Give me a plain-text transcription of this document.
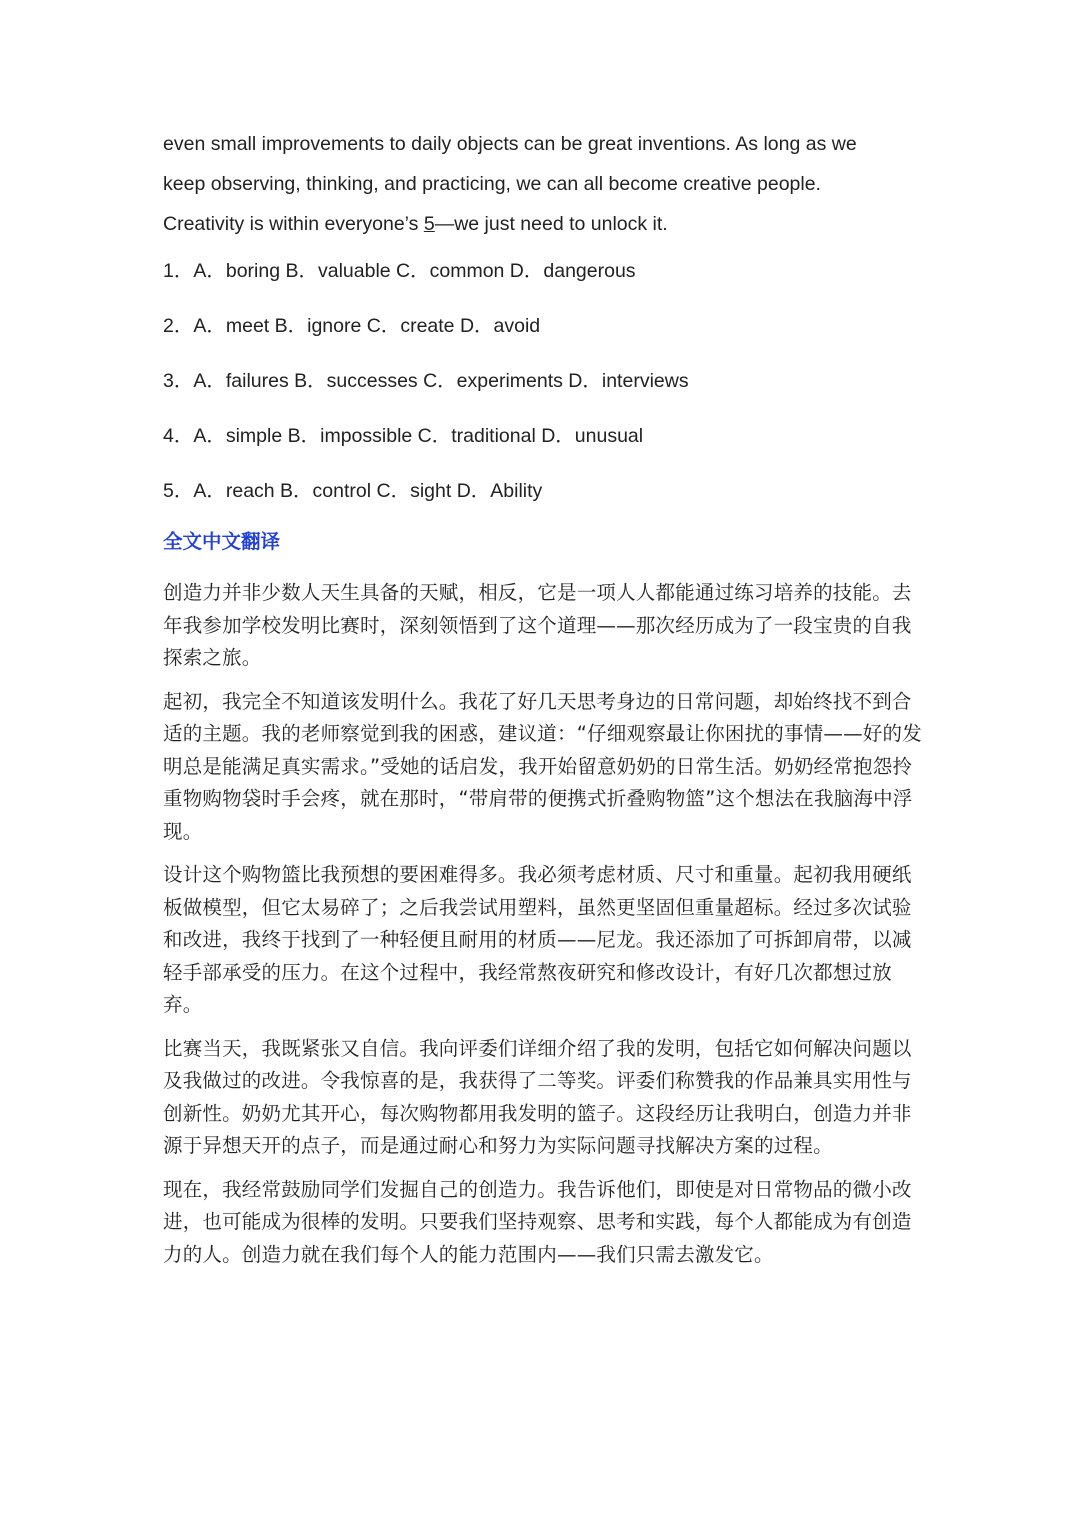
even small improvements to daily objects can be great inventions. As long as we
keep observing, thinking, and practicing, we can all become creative people.
Creativity is within everyone’s 5—we just need to unlock it.

1．A．boring B．valuable C．common D．dangerous
2．A．meet B．ignore C．create D．avoid
3．A．failures B．successes C．experiments D．interviews
4．A．simple B．impossible C．traditional D．unusual
5．A．reach B．control C．sight D．Ability
全文中文翻译

创造力并非少数人天生具备的天赋，相反，它是一项人人都能通过练习培养的技能。去年我参加学校发明比赛时，深刻领悟到了这个道理——那次经历成为了一段宝贵的自我探索之旅。

起初，我完全不知道该发明什么。我花了好几天思考身边的日常问题，却始终找不到合适的主题。我的老师察觉到我的困惑，建议道：“仔细观察最让你困扰的事情——好的发明总是能满足真实需求。”受她的话启发，我开始留意奶奶的日常生活。奶奶经常抱怨拎重物购物袋时手会疼，就在那时，“带肩带的便携式折叠购物篮”这个想法在我脑海中浮现。

设计这个购物篮比我预想的要困难得多。我必须考虑材质、尺寸和重量。起初我用硬纸板做模型，但它太易碎了；之后我尝试用塑料，虽然更坚固但重量超标。经过多次试验和改进，我终于找到了一种轻便且耐用的材质——尼龙。我还添加了可拆卸肩带，以减轻手部承受的压力。在这个过程中，我经常熬夜研究和修改设计，有好几次都想过放弃。

比赛当天，我既紧张又自信。我向评委们详细介绍了我的发明，包括它如何解决问题以及我做过的改进。令我惊喜的是，我获得了二等奖。评委们称赞我的作品兼具实用性与创新性。奶奶尤其开心，每次购物都用我发明的篮子。这段经历让我明白，创造力并非源于异想天开的点子，而是通过耐心和努力为实际问题寻找解决方案的过程。

现在，我经常鼓励同学们发掘自己的创造力。我告诉他们，即使是对日常物品的微小改进，也可能成为很棒的发明。只要我们坚持观察、思考和实践，每个人都能成为有创造力的人。创造力就在我们每个人的能力范围内——我们只需去激发它。
